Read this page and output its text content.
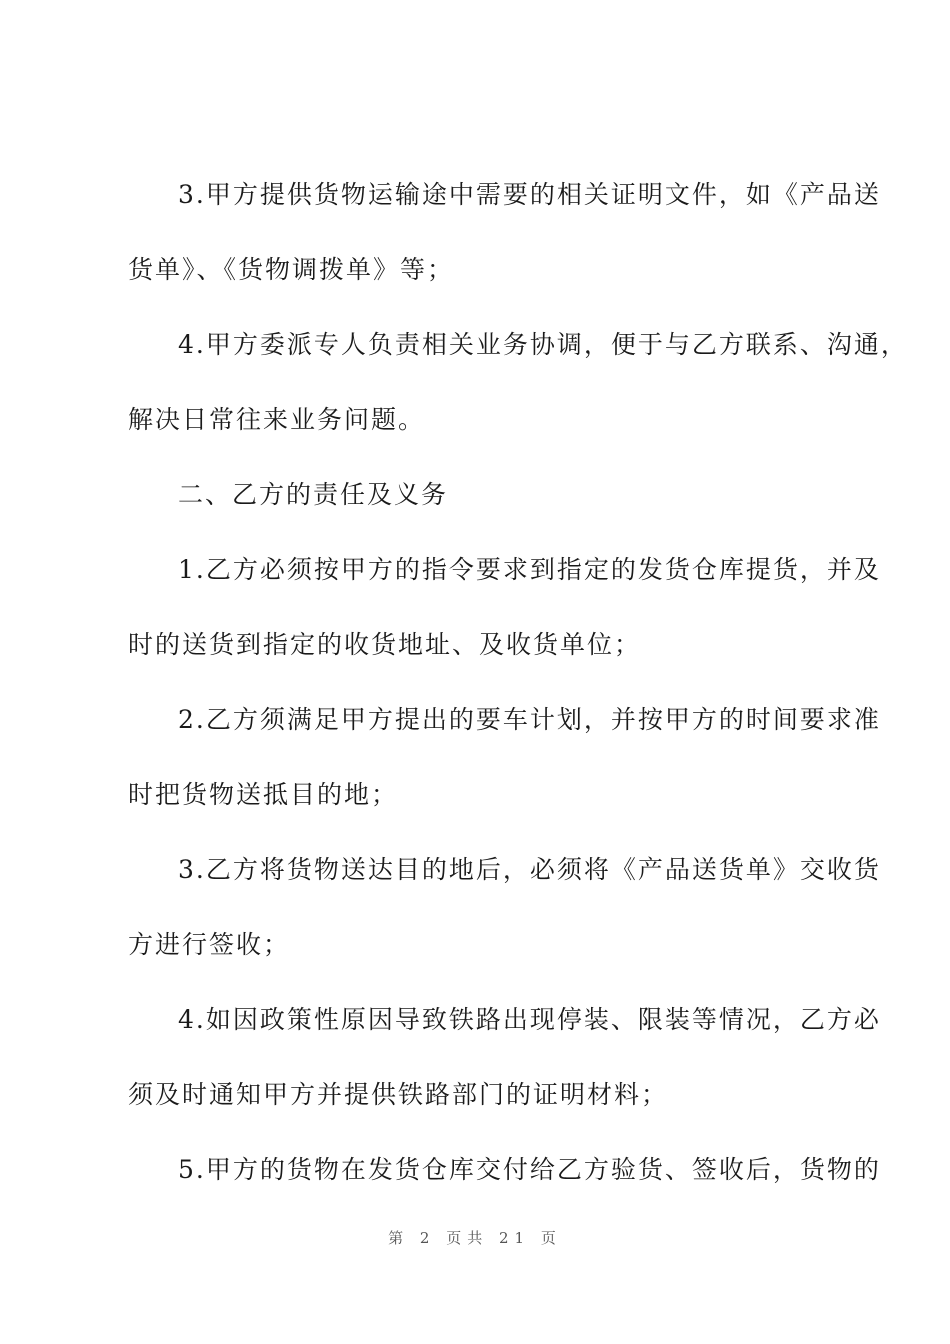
3.甲方提供货物运输途中需要的相关证明文件，如《产品送
货单》、《货物调拨单》等；
4.甲方委派专人负责相关业务协调，便于与乙方联系、沟通，
解决日常往来业务问题。
二、乙方的责任及义务
1.乙方必须按甲方的指令要求到指定的发货仓库提货，并及
时的送货到指定的收货地址、及收货单位；
2.乙方须满足甲方提出的要车计划，并按甲方的时间要求准
时把货物送抵目的地；
3.乙方将货物送达目的地后，必须将《产品送货单》交收货
方进行签收；
4.如因政策性原因导致铁路出现停装、限装等情况，乙方必
须及时通知甲方并提供铁路部门的证明材料；
5.甲方的货物在发货仓库交付给乙方验货、签收后，货物的
第 2 页共 21 页
